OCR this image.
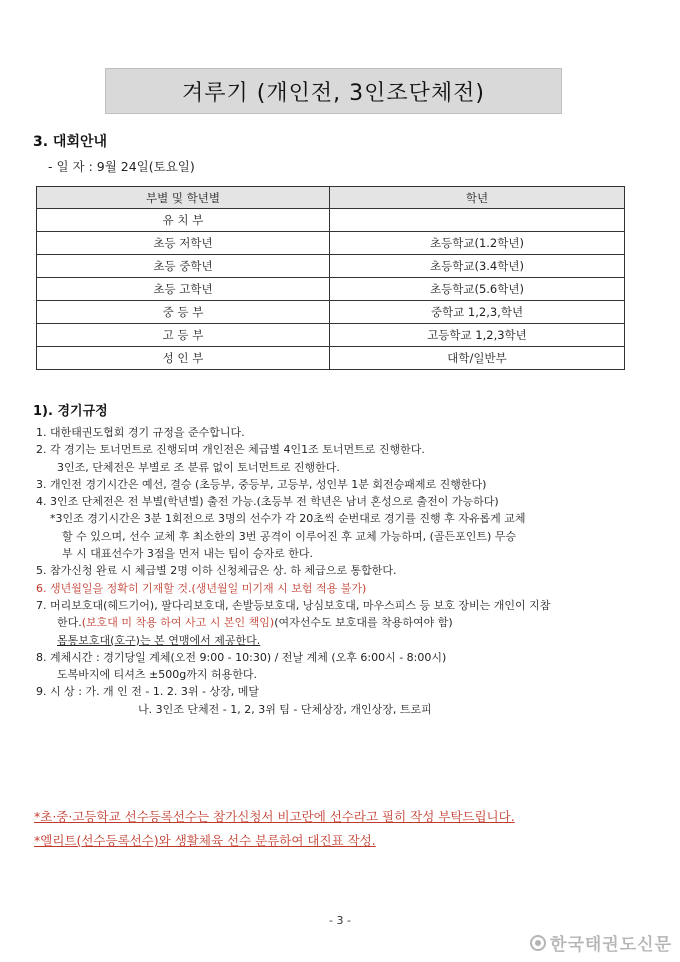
겨루기 (개인전, 3인조단체전)
3. 대회안내
- 일 자 : 9월 24일(토요일)
부별 및 학년별	학년
유 치 부	
초등 저학년	초등학교(1.2학년)
초등 중학년	초등학교(3.4학년)
초등 고학년	초등학교(5.6학년)
중 등 부	중학교 1,2,3,학년
고 등 부	고등학교 1,2,3학년
성 인 부	대학/일반부
1). 경기규정
1. 대한태권도협회 경기 규정을 준수합니다.
2. 각 경기는 토너먼트로 진행되며 개인전은 체급별 4인1조 토너먼트로 진행한다.
3인조, 단체전은 부별로 조 분류 없이 토너먼트로 진행한다.
3. 개인전 경기시간은 예선, 결승 (초등부, 중등부, 고등부, 성인부 1분 회전승패제로 진행한다)
4. 3인조 단체전은 전 부별(학년별) 출전 가능.(초등부 전 학년은 남녀 혼성으로 출전이 가능하다)
*3인조 경기시간은 3분 1회전으로 3명의 선수가 각 20초씩 순번대로 경기를 진행 후 자유롭게 교체
할 수 있으며, 선수 교체 후 최소한의 3번 공격이 이루어진 후 교체 가능하며, (골든포인트) 무승
부 시 대표선수가 3점을 먼저 내는 팀이 승자로 한다.
5. 참가신청 완료 시 체급별 2명 이하 신청체급은 상. 하 체급으로 통합한다.
6. 생년월일을 정확히 기재할 것.(생년월일 미기재 시 보험 적용 불가)
7. 머리보호대(헤드기어), 팔다리보호대, 손발등보호대, 낭심보호대, 마우스피스 등 보호 장비는 개인이 지참
한다.(보호대 미 착용 하여 사고 시 본인 책임)(여자선수도 보호대를 착용하여야 함)
몸통보호대(호구)는 본 연맹에서 제공한다.
8. 계체시간 : 경기당일 계체(오전 9:00 - 10:30) / 전날 계체 (오후 6:00시 - 8:00시)
도복바지에 티셔츠 ±500g까지 허용한다.
9. 시 상 : 가. 개 인 전 - 1. 2. 3위 - 상장, 메달
나. 3인조 단체전 - 1, 2, 3위 팀 - 단체상장, 개인상장, 트로피
*초·중·고등학교 선수등록선수는 참가신청서 비고란에 선수라고 필히 작성 부탁드립니다.
*엘리트(선수등록선수)와 생활체육 선수 분류하여 대진표 작성.
- 3 -
한국태권도신문
